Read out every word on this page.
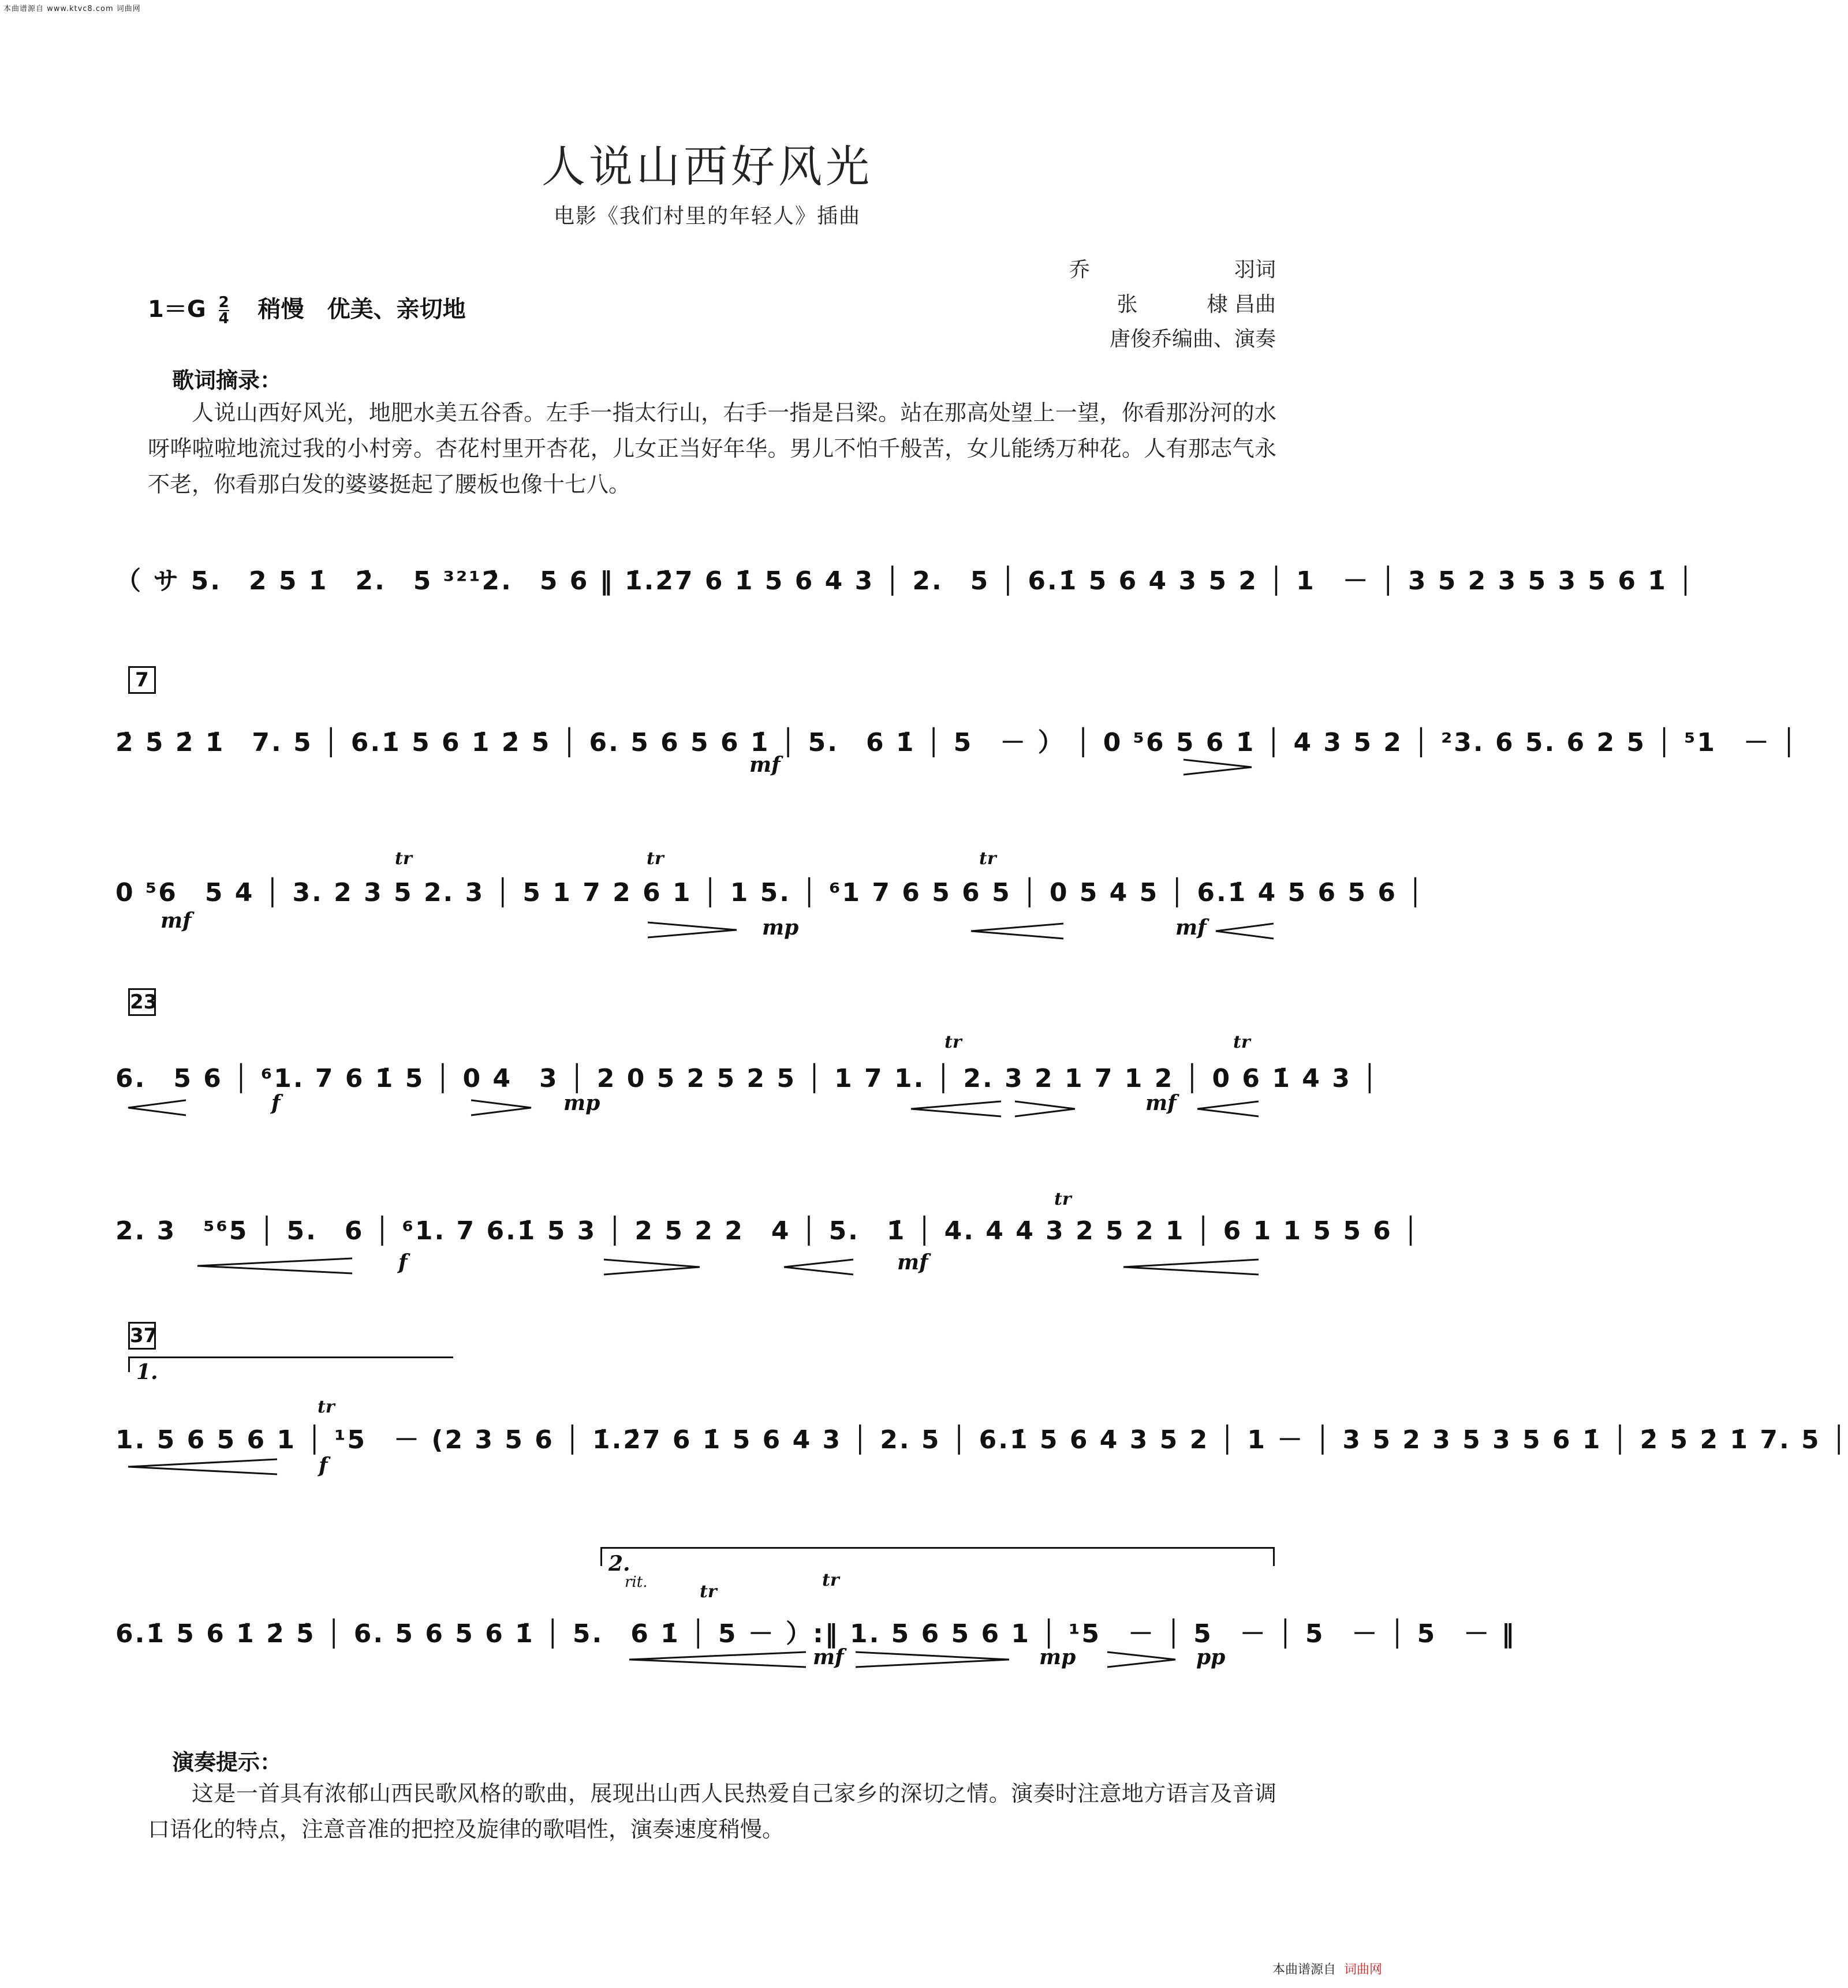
本曲谱源自 www.ktvc8.com 词曲网
人说山西好风光
电影《我们村里的年轻人》插曲
乔	羽词
张	棣 昌曲
唐俊乔编曲、演奏
$1=G \frac{2}{4}$ 稍慢　优美、亲切地
歌词摘录：
人说山西好风光，地肥水美五谷香。左手一指太行山，右手一指是吕梁。站在那高处望上一望，你看那汾河的水呀哗啦啦地流过我的小村旁。杏花村里开杏花，儿女正当好年华。男儿不怕千般苦，女儿能绣万种花。人有那志气永不老，你看那白发的婆婆挺起了腰板也像十七八。
（ サ 5.　2 5 1̇　2̇.　5 ³²¹2̇.　5 6 ‖ 1̇.2̇7 6 1̇ 5 6 4 3 │ 2.　5 │ 6.1̇ 5 6 4 3 5 2 │ 1　－ │ 3 5 2 3 5 3 5 6 1̇ │
7
2̇ 5̇ 2̇ 1̇　7. 5 │ 6.1̇ 5 6 1̇ 2̇ 5̇ │ 6. 5 6 5 6 1̇ │ 5.　6 1̇ │ 5　－ ） │ 0 ⁵6 5 6 1̇ │ 4 3 5 2 │ ²3. 6 5. 6 2 5 │ ⁵1　－ │
mf
0 ⁵6　5 4 │ 3. 2 3 5 2. 3 │ 5 1 7 2 6 1 │ 1 5. │ ⁶1 7 6 5 6 5 │ 0 5 4 5 │ 6.1̇ 4 5 6 5 6 │
mf
tr	tr	tr
mp	mf
23
6.　5 6 │ ⁶1. 7 6 1̇ 5 │ 0 4　3 │ 2 0 5 2 5 2 5 │ 1 7 1. │ 2. 3 2 1 7 1 2 │ 0 6 1̇ 4 3 │
f	mp	mf
tr	tr
2. 3　⁵⁶5 │ 5.　6 │ ⁶1. 7 6.1̇ 5 3 │ 2 5 2 2　4 │ 5.　1̇ │ 4. 4 4 3 2 5 2 1 │ 6 1 1 5 5 6 │
f	mf
tr
37
1.
1. 5 6 5 6 1 │ ¹5　－ (2 3 5 6 │ 1̇.2̇7 6 1̇ 5 6 4 3 │ 2. 5 │ 6.1̇ 5 6 4 3 5 2 │ 1 － │ 3 5 2 3 5 3 5 6 1̇ │ 2̇ 5̇ 2̇ 1̇ 7. 5 │
tr
f
2.
rit.
6.1̇ 5 6 1̇ 2̇ 5̇ │ 6. 5 6 5 6 1̇ │ 5.　6 1̇ │ 5 － ）:‖ 1. 5 6 5 6 1 │ ¹5　－ │ 5　－ │ 5　－ │ 5　－ ‖
tr
tr
mf	mp	pp
演奏提示：
这是一首具有浓郁山西民歌风格的歌曲，展现出山西人民热爱自己家乡的深切之情。演奏时注意地方语言及音调口语化的特点，注意音准的把控及旋律的歌唱性，演奏速度稍慢。
本曲谱源自 词曲网
